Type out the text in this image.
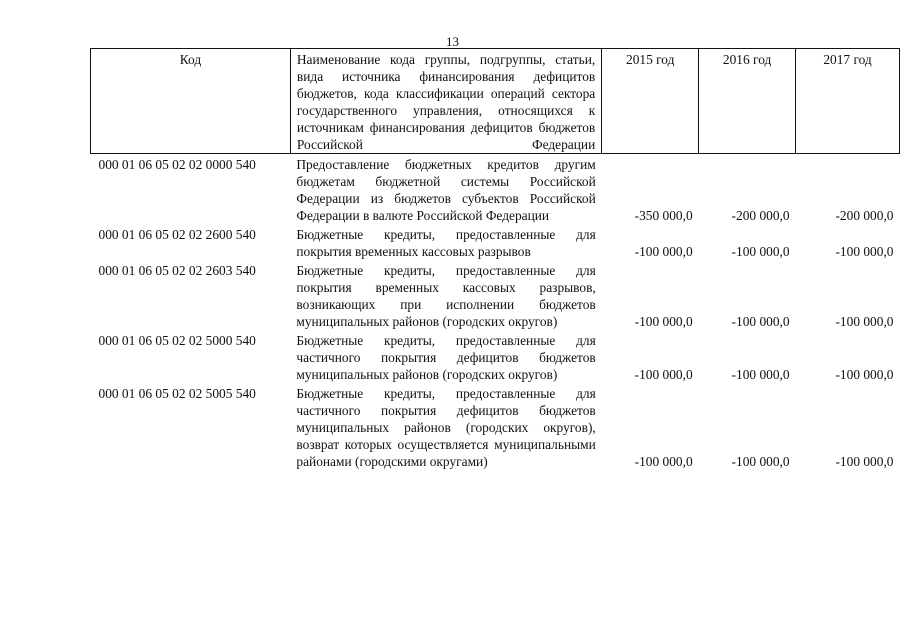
13
Код	Наименование кода группы, подгруппы, статьи, вида источника финансирования дефицитов бюджетов, кода классификации операций сектора государственного управления, относящихся к источникам финансирования дефицитов бюджетов Российской Федерации	2015 год	2016 год	2017 год
000 01 06 05 02 02 0000 540	Предоставление бюджетных кредитов другим бюджетам бюджетной системы Российской Федерации из бюджетов субъектов Российской Федерации в валюте Российской Федерации	-350 000,0	-200 000,0	-200 000,0
000 01 06 05 02 02 2600 540	Бюджетные кредиты, предоставленные для покрытия временных кассовых разрывов	-100 000,0	-100 000,0	-100 000,0
000 01 06 05 02 02 2603 540	Бюджетные кредиты, предоставленные для покрытия временных кассовых разрывов, возникающих при исполнении бюджетов муниципальных районов (городских округов)	-100 000,0	-100 000,0	-100 000,0
000 01 06 05 02 02 5000 540	Бюджетные кредиты, предоставленные для частичного покрытия дефицитов бюджетов муниципальных районов (городских округов)	-100 000,0	-100 000,0	-100 000,0
000 01 06 05 02 02 5005 540	Бюджетные кредиты, предоставленные для частичного покрытия дефицитов бюджетов муниципальных районов (городских округов), возврат которых осуществляется муниципальными районами (городскими округами)	-100 000,0	-100 000,0	-100 000,0
